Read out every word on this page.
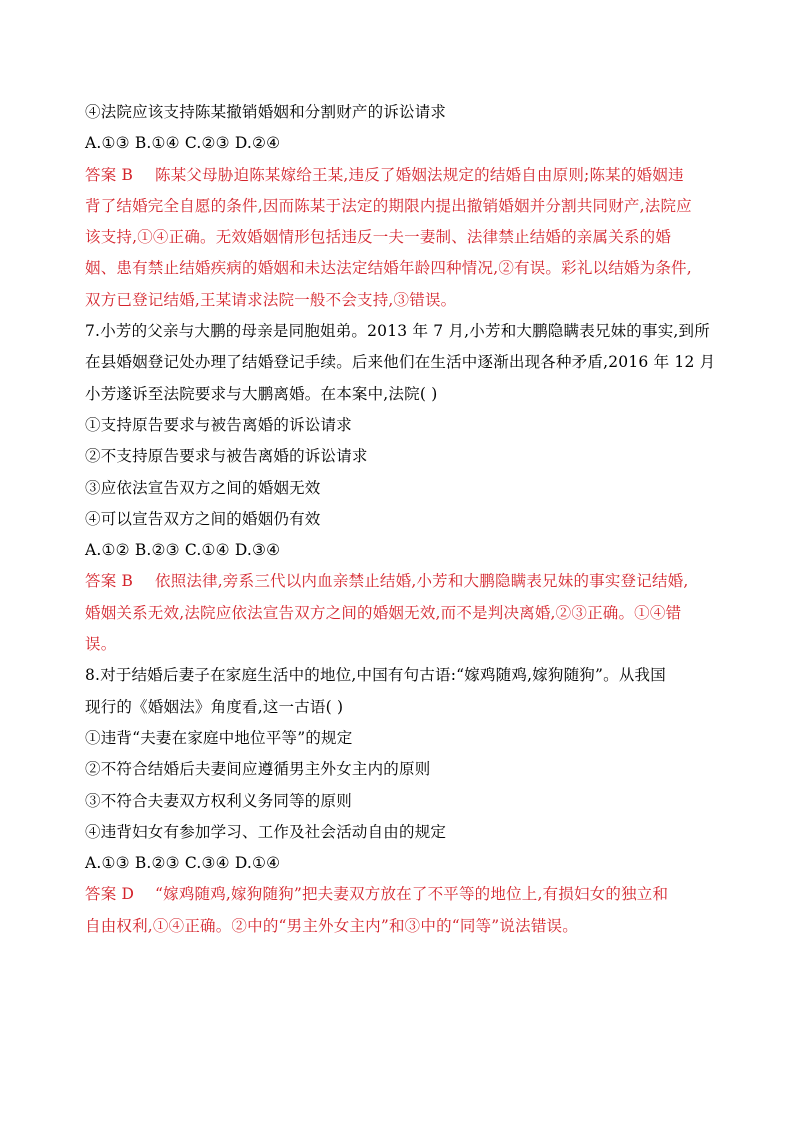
④法院应该支持陈某撤销婚姻和分割财产的诉讼请求
A.①③ B.①④ C.②③ D.②④
答案 B 陈某父母胁迫陈某嫁给王某,违反了婚姻法规定的结婚自由原则;陈某的婚姻违
背了结婚完全自愿的条件,因而陈某于法定的期限内提出撤销婚姻并分割共同财产,法院应
该支持,①④正确。无效婚姻情形包括违反一夫一妻制、法律禁止结婚的亲属关系的婚
姻、患有禁止结婚疾病的婚姻和未达法定结婚年龄四种情况,②有误。彩礼以结婚为条件,
双方已登记结婚,王某请求法院一般不会支持,③错误。
7.小芳的父亲与大鹏的母亲是同胞姐弟。2013 年 7 月,小芳和大鹏隐瞒表兄妹的事实,到所
在县婚姻登记处办理了结婚登记手续。后来他们在生活中逐渐出现各种矛盾,2016 年 12 月
小芳遂诉至法院要求与大鹏离婚。在本案中,法院( )
①支持原告要求与被告离婚的诉讼请求
②不支持原告要求与被告离婚的诉讼请求
③应依法宣告双方之间的婚姻无效
④可以宣告双方之间的婚姻仍有效
A.①② B.②③ C.①④ D.③④
答案 B 依照法律,旁系三代以内血亲禁止结婚,小芳和大鹏隐瞒表兄妹的事实登记结婚,
婚姻关系无效,法院应依法宣告双方之间的婚姻无效,而不是判决离婚,②③正确。①④错
误。
8.对于结婚后妻子在家庭生活中的地位,中国有句古语:“嫁鸡随鸡,嫁狗随狗”。从我国
现行的《婚姻法》角度看,这一古语( )
①违背“夫妻在家庭中地位平等”的规定
②不符合结婚后夫妻间应遵循男主外女主内的原则
③不符合夫妻双方权利义务同等的原则
④违背妇女有参加学习、工作及社会活动自由的规定
A.①③ B.②③ C.③④ D.①④
答案 D “嫁鸡随鸡,嫁狗随狗”把夫妻双方放在了不平等的地位上,有损妇女的独立和
自由权利,①④正确。②中的“男主外女主内”和③中的“同等”说法错误。
